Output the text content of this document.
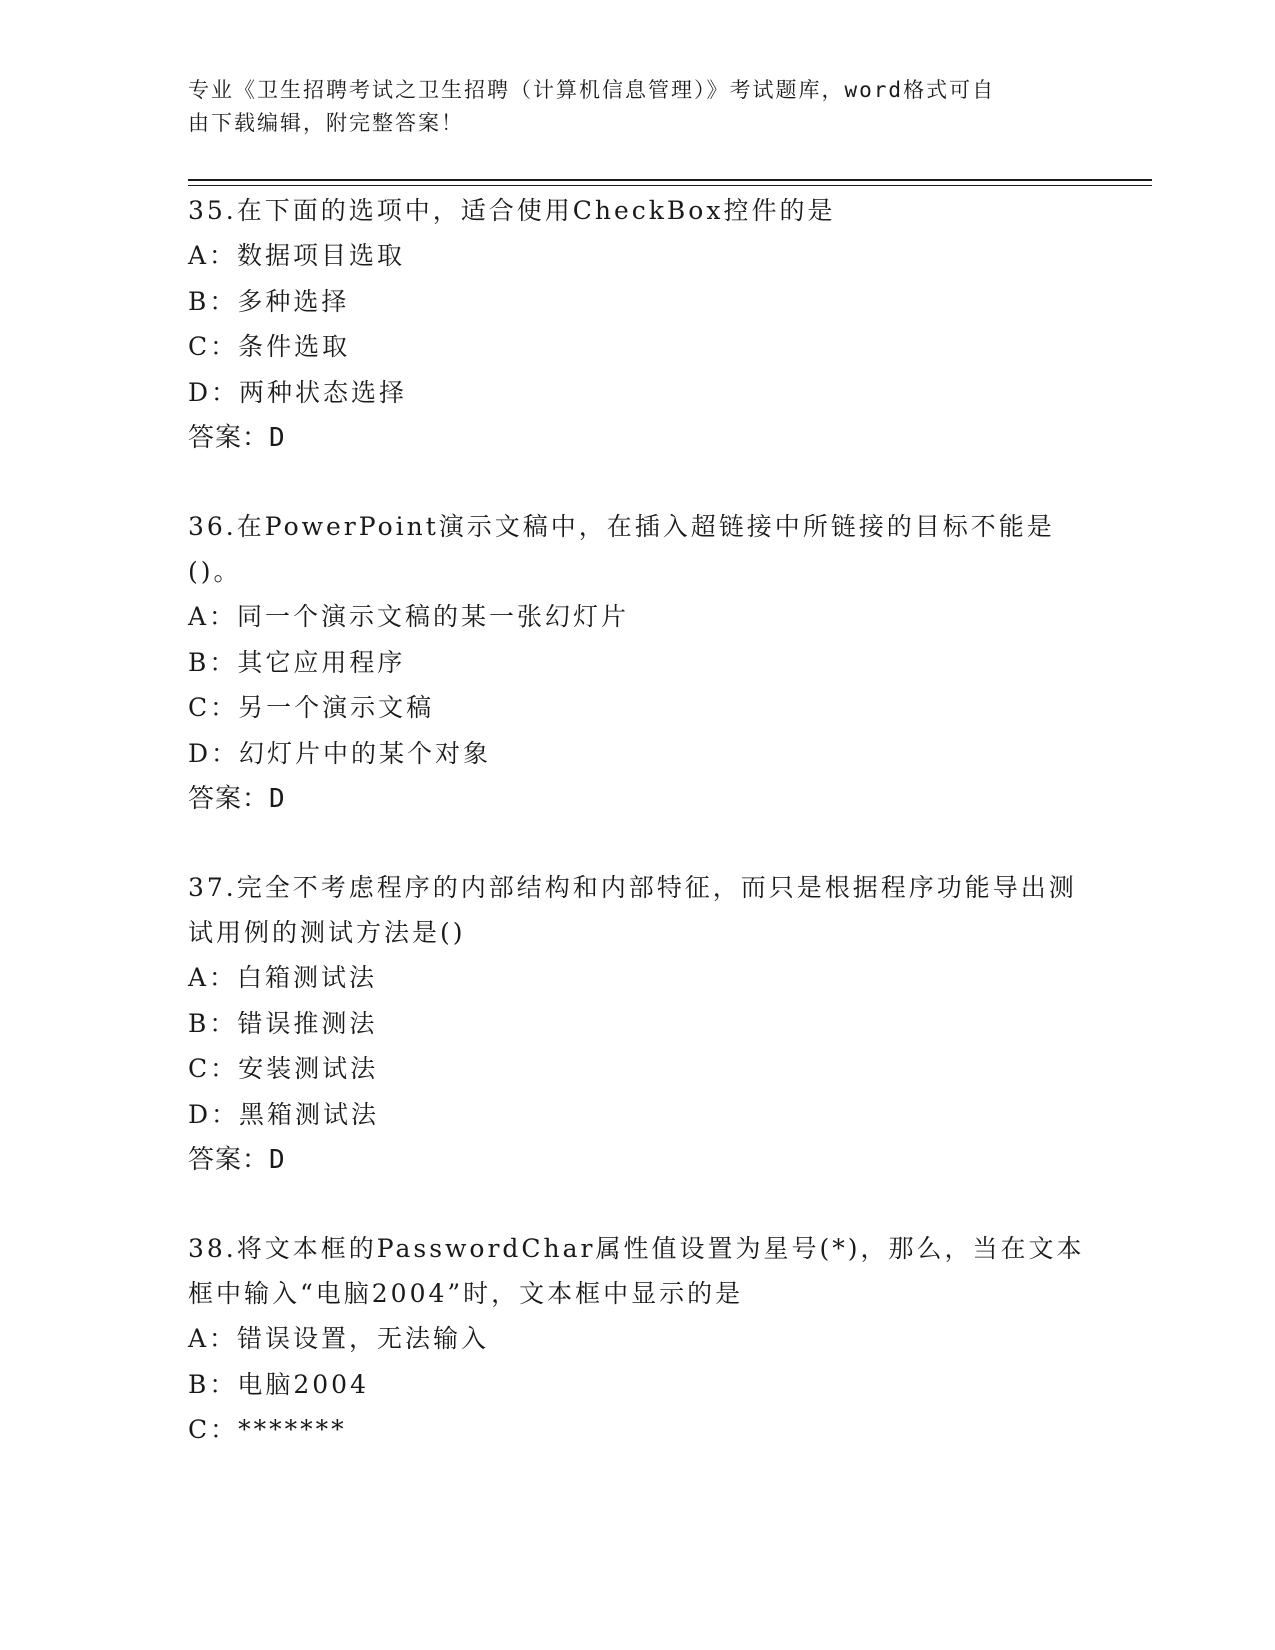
专业《卫生招聘考试之卫生招聘（计算机信息管理）》考试题库，word格式可自
由下载编辑，附完整答案！

35.在下面的选项中，适合使用CheckBox控件的是

A：数据项目选取

B：多种选择

C：条件选取

D：两种状态选择

答案：D

36.在PowerPoint演示文稿中，在插入超链接中所链接的目标不能是()。

A：同一个演示文稿的某一张幻灯片

B：其它应用程序

C：另一个演示文稿

D：幻灯片中的某个对象

答案：D

37.完全不考虑程序的内部结构和内部特征，而只是根据程序功能导出测试用例的测试方法是()

A：白箱测试法

B：错误推测法

C：安装测试法

D：黑箱测试法

答案：D

38.将文本框的PasswordChar属性值设置为星号(*)，那么，当在文本框中输入“电脑2004”时，文本框中显示的是

A：错误设置，无法输入

B：电脑2004

C：*******
